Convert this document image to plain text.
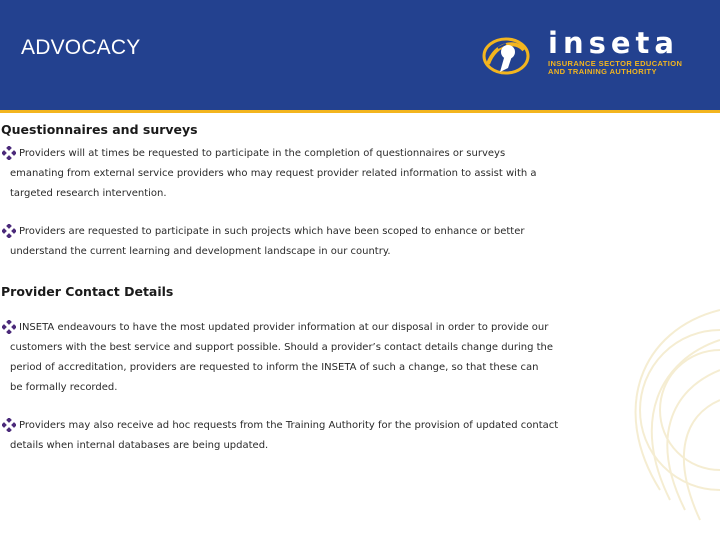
ADVOCACY	inseta
INSURANCE SECTOR EDUCATION
AND TRAINING AUTHORITY
Questionnaires and surveys
Providers will at times be requested to participate in the completion of questionnaires or surveys
emanating from external service providers who may request provider related information to assist with a
targeted research intervention.
Providers are requested to participate in such projects which have been scoped to enhance or better
understand the current learning and development landscape in our country.
Provider Contact Details
INSETA endeavours to have the most updated provider information at our disposal in order to provide our
customers with the best service and support possible. Should a provider’s contact details change during the
period of accreditation, providers are requested to inform the INSETA of such a change, so that these can
be formally recorded.
Providers may also receive ad hoc requests from the Training Authority for the provision of updated contact
details when internal databases are being updated.
